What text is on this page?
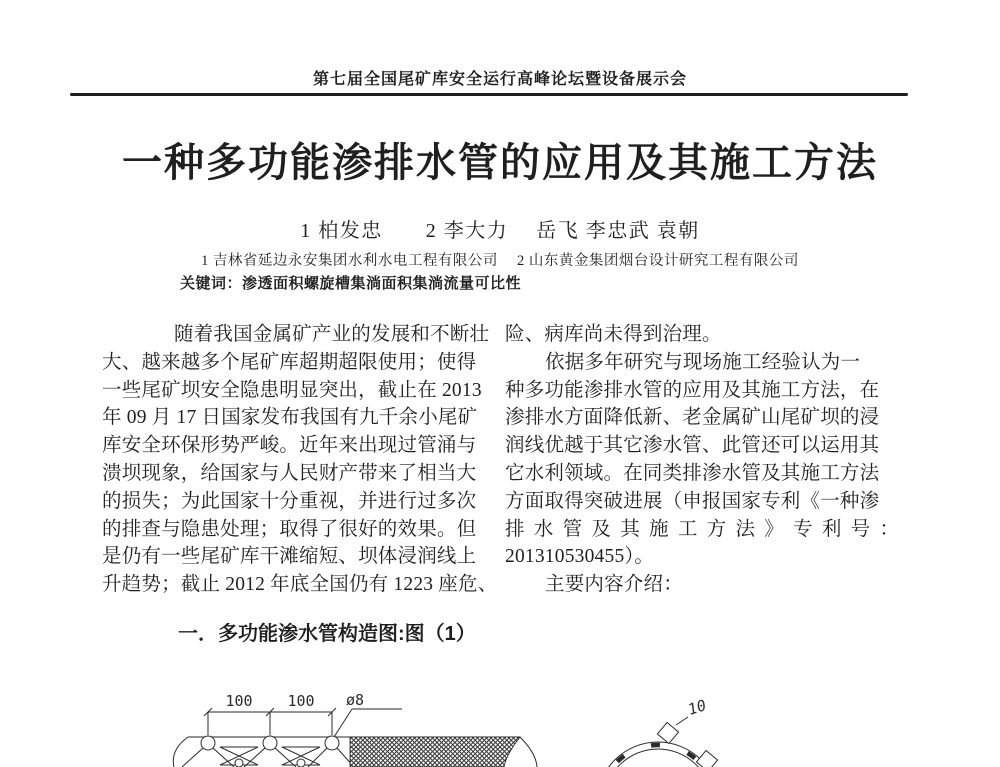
第七届全国尾矿库安全运行高峰论坛暨设备展示会
一种多功能渗排水管的应用及其施工方法
1 柏发忠　　2 李大力　 岳飞 李忠武 袁朝
1 吉林省延边永安集团水利水电工程有限公司　 2 山东黄金集团烟台设计研究工程有限公司
关键词：渗透面积螺旋槽集淌面积集淌流量可比性
随着我国金属矿产业的发展和不断壮
大、越来越多个尾矿库超期超限使用；使得
一些尾矿坝安全隐患明显突出，截止在 2013
年 09 月 17 日国家发布我国有九千余小尾矿
库安全环保形势严峻。近年来出现过管涌与
溃坝现象，给国家与人民财产带来了相当大
的损失；为此国家十分重视，并进行过多次
的排查与隐患处理；取得了很好的效果。但
是仍有一些尾矿库干滩缩短、坝体浸润线上
升趋势；截止 2012 年底全国仍有 1223 座危、
险、病库尚未得到治理。
依据多年研究与现场施工经验认为一
种多功能渗排水管的应用及其施工方法，在
渗排水方面降低新、老金属矿山尾矿坝的浸
润线优越于其它渗水管、此管还可以运用其
它水利领域。在同类排渗水管及其施工方法
方面取得突破进展（申报国家专利《一种渗
排水管及其施工方法》专利号：
201310530455）。
主要内容介绍：
一．多功能渗水管构造图:图（1）
100 100 ø8	10
